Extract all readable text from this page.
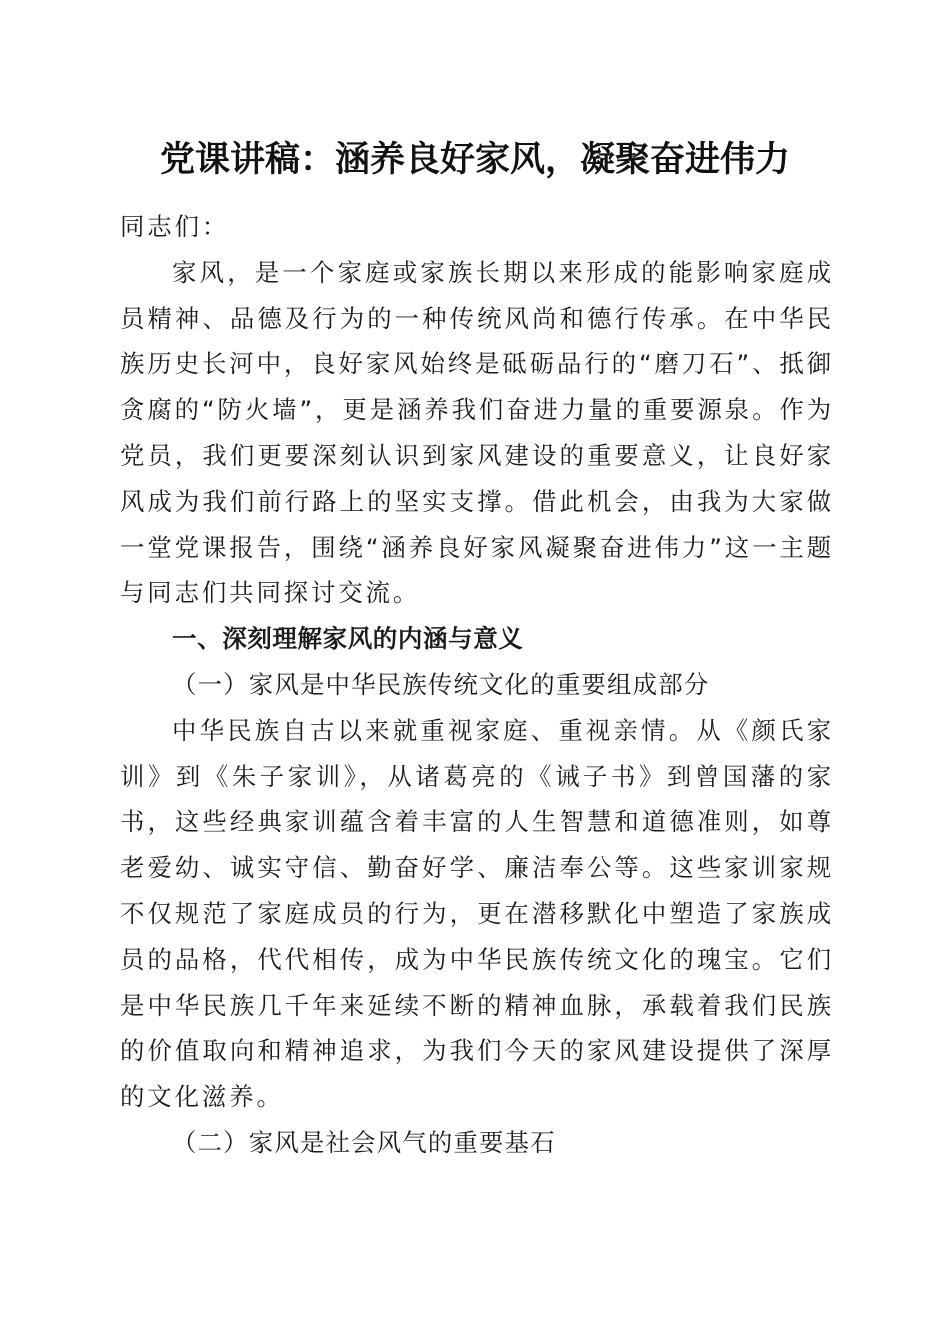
党课讲稿：涵养良好家风，凝聚奋进伟力

同志们：

家风，是一个家庭或家族长期以来形成的能影响家庭成员精神、品德及行为的一种传统风尚和德行传承。在中华民族历史长河中，良好家风始终是砥砺品行的“磨刀石”、抵御贪腐的“防火墙”，更是涵养我们奋进力量的重要源泉。作为党员，我们更要深刻认识到家风建设的重要意义，让良好家风成为我们前行路上的坚实支撑。借此机会，由我为大家做一堂党课报告，围绕“涵养良好家风凝聚奋进伟力”这一主题与同志们共同探讨交流。

一、深刻理解家风的内涵与意义

（一）家风是中华民族传统文化的重要组成部分

中华民族自古以来就重视家庭、重视亲情。从《颜氏家训》到《朱子家训》，从诸葛亮的《诫子书》到曾国藩的家书，这些经典家训蕴含着丰富的人生智慧和道德准则，如尊老爱幼、诚实守信、勤奋好学、廉洁奉公等。这些家训家规不仅规范了家庭成员的行为，更在潜移默化中塑造了家族成员的品格，代代相传，成为中华民族传统文化的瑰宝。它们是中华民族几千年来延续不断的精神血脉，承载着我们民族的价值取向和精神追求，为我们今天的家风建设提供了深厚的文化滋养。

（二）家风是社会风气的重要基石
